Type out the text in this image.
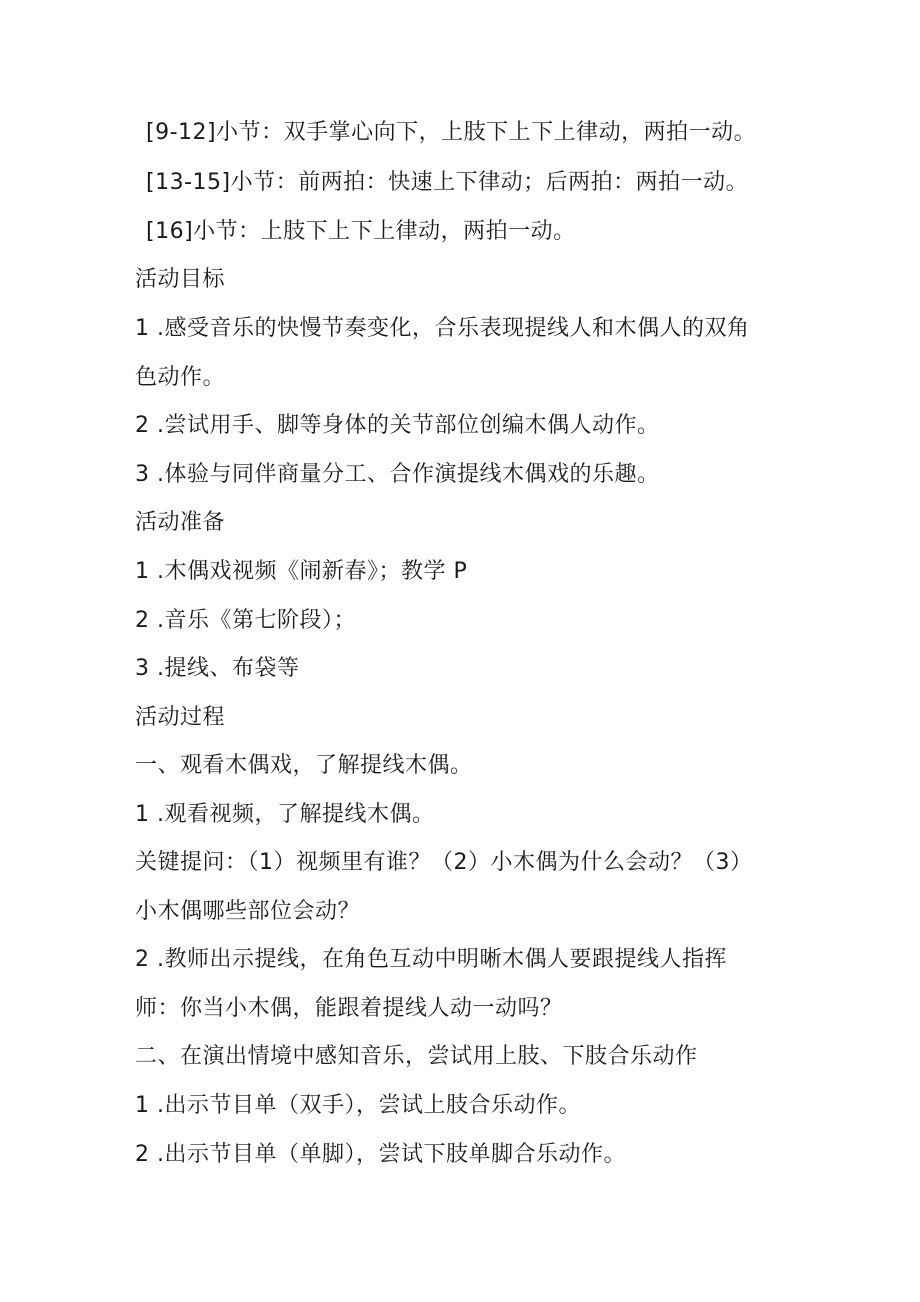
[9-12]小节：双手掌心向下，上肢下上下上律动，两拍一动。
[13-15]小节：前两拍：快速上下律动；后两拍：两拍一动。
[16]小节：上肢下上下上律动，两拍一动。
活动目标
1 .感受音乐的快慢节奏变化，合乐表现提线人和木偶人的双角
色动作。
2 .尝试用手、脚等身体的关节部位创编木偶人动作。
3 .体验与同伴商量分工、合作演提线木偶戏的乐趣。
活动准备
1 .木偶戏视频《闹新春》；教学 P
2 .音乐《第七阶段）；
3 .提线、布袋等
活动过程
一、观看木偶戏，了解提线木偶。
1 .观看视频，了解提线木偶。
关键提问：（1）视频里有谁？（2）小木偶为什么会动？（3）
小木偶哪些部位会动？
2 .教师出示提线，在角色互动中明晰木偶人要跟提线人指挥
师：你当小木偶，能跟着提线人动一动吗？
二、在演出情境中感知音乐，尝试用上肢、下肢合乐动作
1 .出示节目单（双手），尝试上肢合乐动作。
2 .出示节目单（单脚），尝试下肢单脚合乐动作。
